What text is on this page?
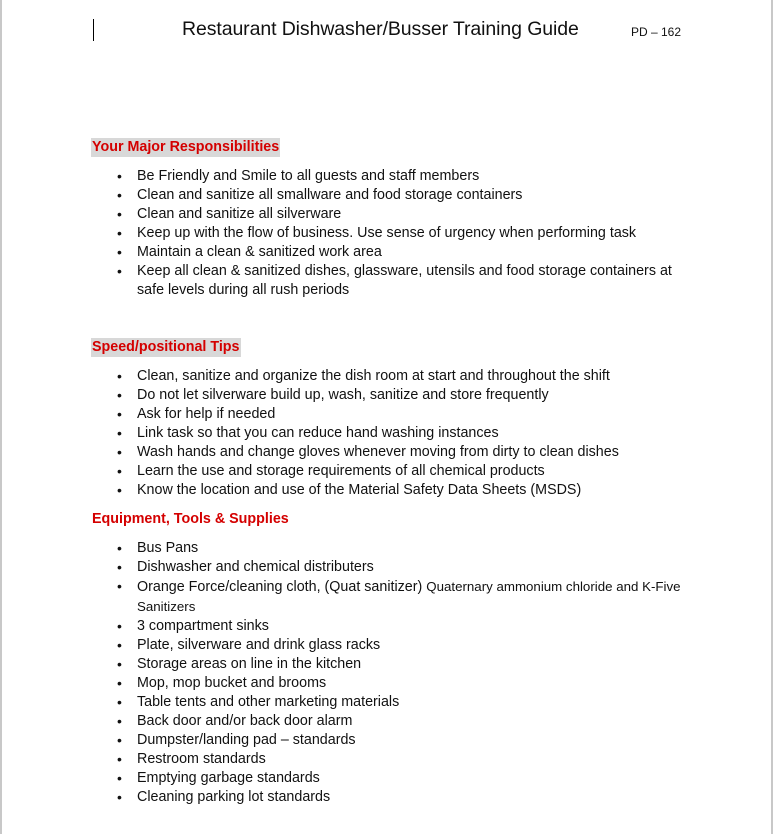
Restaurant Dishwasher/Busser Training Guide	PD – 162
Your Major Responsibilities
• Be Friendly and Smile to all guests and staff members
• Clean and sanitize all smallware and food storage containers
• Clean and sanitize all silverware
• Keep up with the flow of business. Use sense of urgency when performing task
• Maintain a clean & sanitized work area
• Keep all clean & sanitized dishes, glassware, utensils and food storage containers at safe levels during all rush periods
Speed/positional Tips
• Clean, sanitize and organize the dish room at start and throughout the shift
• Do not let silverware build up, wash, sanitize and store frequently
• Ask for help if needed
• Link task so that you can reduce hand washing instances
• Wash hands and change gloves whenever moving from dirty to clean dishes
• Learn the use and storage requirements of all chemical products
• Know the location and use of the Material Safety Data Sheets (MSDS)
Equipment, Tools & Supplies
• Bus Pans
• Dishwasher and chemical distributers
• Orange Force/cleaning cloth, (Quat sanitizer) Quaternary ammonium chloride and K-Five Sanitizers
• 3 compartment sinks
• Plate, silverware and drink glass racks
• Storage areas on line in the kitchen
• Mop, mop bucket and brooms
• Table tents and other marketing materials
• Back door and/or back door alarm
• Dumpster/landing pad – standards
• Restroom standards
• Emptying garbage standards
• Cleaning parking lot standards
